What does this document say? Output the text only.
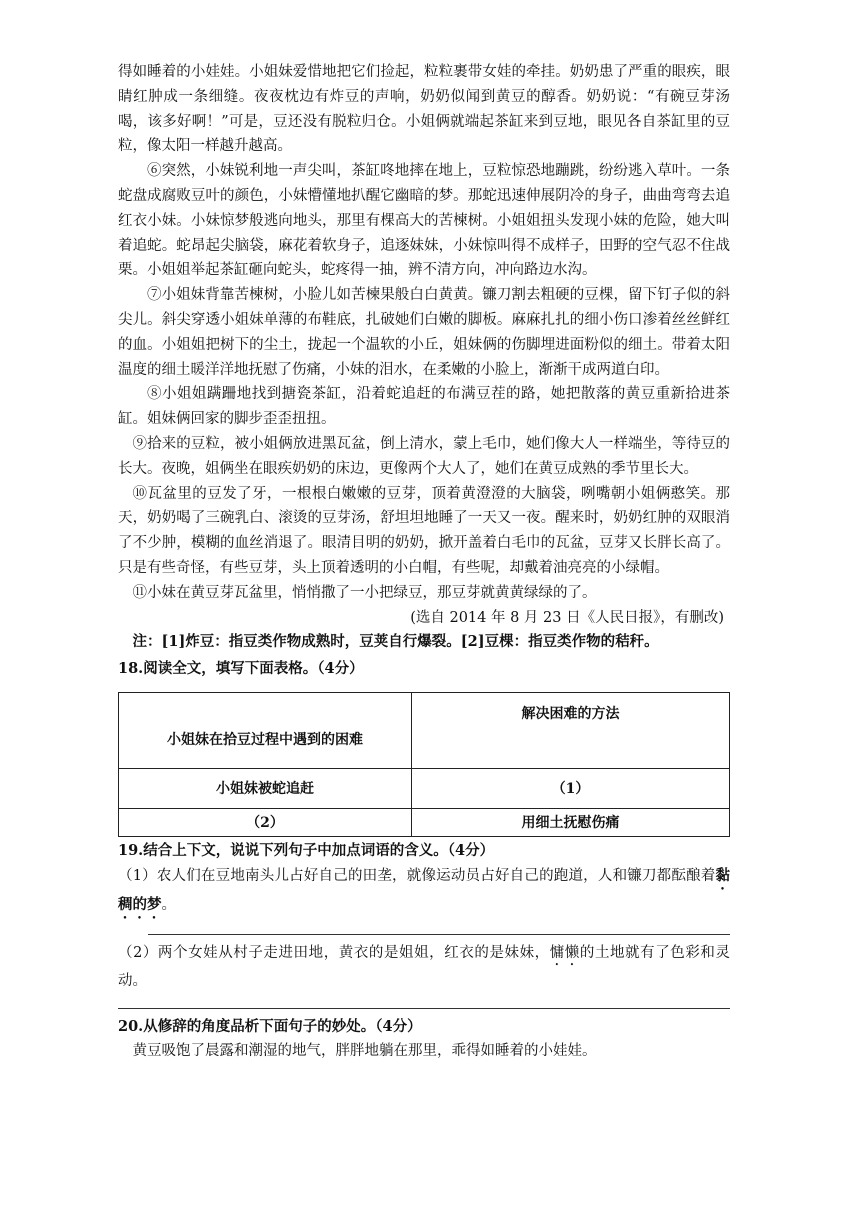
得如睡着的小娃娃。小姐妹爱惜地把它们捡起，粒粒裹带女娃的牵挂。奶奶患了严重的眼疾，眼睛红肿成一条细缝。夜夜枕边有炸豆的声响，奶奶似闻到黄豆的醇香。奶奶说：“有碗豆芽汤喝，该多好啊！”可是，豆还没有脱粒归仓。小姐俩就端起茶缸来到豆地，眼见各自茶缸里的豆粒，像太阳一样越升越高。

⑥突然，小妹锐利地一声尖叫，茶缸咚地摔在地上，豆粒惊恐地蹦跳，纷纷逃入草叶。一条蛇盘成腐败豆叶的颜色，小妹懵懂地扒醒它幽暗的梦。那蛇迅速伸展阴冷的身子，曲曲弯弯去追红衣小妹。小妹惊梦般逃向地头，那里有棵高大的苦楝树。小姐姐扭头发现小妹的危险，她大叫着追蛇。蛇昂起尖脑袋，麻花着软身子，追逐妹妹，小妹惊叫得不成样子，田野的空气忍不住战栗。小姐姐举起茶缸砸向蛇头，蛇疼得一抽，辨不清方向，冲向路边水沟。

⑦小姐妹背靠苦楝树，小脸儿如苦楝果般白白黄黄。镰刀割去粗硬的豆棵，留下钉子似的斜尖儿。斜尖穿透小姐妹单薄的布鞋底，扎破她们白嫩的脚板。麻麻扎扎的细小伤口渗着丝丝鲜红的血。小姐姐把树下的尘土，拢起一个温软的小丘，姐妹俩的伤脚埋进面粉似的细土。带着太阳温度的细土暖洋洋地抚慰了伤痛，小妹的泪水，在柔嫩的小脸上，渐渐干成两道白印。

⑧小姐姐蹒跚地找到搪瓷茶缸，沿着蛇追赶的布满豆茬的路，她把散落的黄豆重新拾进茶缸。姐妹俩回家的脚步歪歪扭扭。

⑨拾来的豆粒，被小姐俩放进黑瓦盆，倒上清水，蒙上毛巾，她们像大人一样端坐，等待豆的长大。夜晚，姐俩坐在眼疾奶奶的床边，更像两个大人了，她们在黄豆成熟的季节里长大。

⑩瓦盆里的豆发了牙，一根根白嫩嫩的豆芽，顶着黄澄澄的大脑袋，咧嘴朝小姐俩憨笑。那天，奶奶喝了三碗乳白、滚烫的豆芽汤，舒坦坦地睡了一天又一夜。醒来时，奶奶红肿的双眼消了不少肿，模糊的血丝消退了。眼清目明的奶奶，掀开盖着白毛巾的瓦盆，豆芽又长胖长高了。只是有些奇怪，有些豆芽，头上顶着透明的小白帽，有些呢，却戴着油亮亮的小绿帽。

⑪小妹在黄豆芽瓦盆里，悄悄撒了一小把绿豆，那豆芽就黄黄绿绿的了。

(选自 2014 年 8 月 23 日《人民日报》，有删改)

注：[1]炸豆：指豆类作物成熟时，豆荚自行爆裂。[2]豆棵：指豆类作物的秸秆。

18.阅读全文，填写下面表格。（4分）

小姐妹在拾豆过程中遇到的困难	解决困难的方法
小姐妹被蛇追赶	（1）
（2）	用细土抚慰伤痛

19.结合上下文，说说下列句子中加点词语的含义。（4分）

（1）农人们在豆地南头儿占好自己的田垄，就像运动员占好自己的跑道，人和镰刀都酝酿着黏稠的梦。

（2）两个女娃从村子走进田地，黄衣的是姐姐，红衣的是妹妹，慵懒的土地就有了色彩和灵动。

20.从修辞的角度品析下面句子的妙处。（4分）

黄豆吸饱了晨露和潮湿的地气，胖胖地躺在那里，乖得如睡着的小娃娃。
